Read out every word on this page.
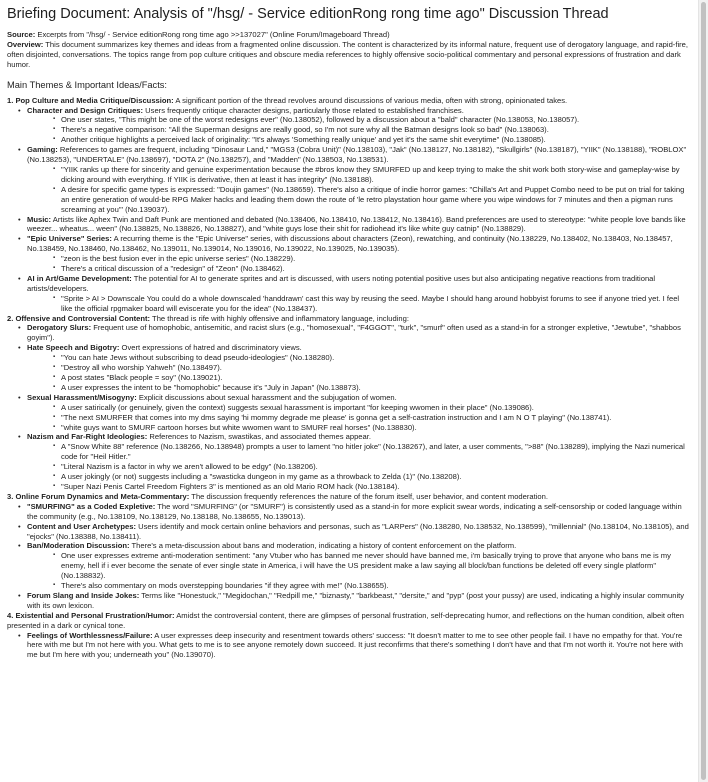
Briefing Document: Analysis of "/hsg/ - Service editionRong rong time ago" Discussion Thread

Source: Excerpts from "/hsg/ - Service editionRong rong time ago >>137027" (Online Forum/Imageboard Thread)

Overview: This document summarizes key themes and ideas from a fragmented online discussion. The content is characterized by its informal nature, frequent use of derogatory language, and rapid-fire, often disjointed, conversations. The topics range from pop culture critiques and obscure media references to highly offensive socio-political commentary and personal expressions of frustration and dark humor.

Main Themes & Important Ideas/Facts:
1. Pop Culture and Media Critique/Discussion: A significant portion of the thread revolves around discussions of various media, often with strong, opinionated takes.
• Character and Design Critiques: Users frequently critique character designs, particularly those related to established franchises.
▪ One user states, "This might be one of the worst redesigns ever" (No.138052), followed by a discussion about a "bald" character (No.138053, No.138057).
▪ There's a negative comparison: "All the Superman designs are really good, so I'm not sure why all the Batman designs look so bad" (No.138063).
▪ Another critique highlights a perceived lack of originality: "It's always 'Something really unique' and yet it's the same shit everytime" (No.138085).
• Gaming: References to games are frequent, including "Dinosaur Land," "MGS3 (Cobra Unit)" (No.138103), "Jak" (No.138127, No.138182), "Skullgirls" (No.138187), "YIIK" (No.138188), "ROBLOX" (No.138253), "UNDERTALE" (No.138697), "DOTA 2" (No.138257), and "Madden" (No.138503, No.138531).
▪ "YIIK ranks up there for sincerity and genuine experimentation because the #bros know they SMURFED up and keep trying to make the shit work both story-wise and gameplay-wise by dicking around with everything. If YIIK is derivative, then at least it has integrity" (No.138188).
▪ A desire for specific game types is expressed: "Doujin games" (No.138659). There's also a critique of indie horror games: "Chilla's Art and Puppet Combo need to be put on trial for taking an entire generation of would-be RPG Maker hacks and leading them down the route of 'le retro playstation hour game where you wipe windows for 7 minutes and then a pigman runs screaming at you'" (No.139037).
• Music: Artists like Aphex Twin and Daft Punk are mentioned and debated (No.138406, No.138410, No.138412, No.138416). Band preferences are used to stereotype: "white people love bands like weezer... wheatus... ween" (No.138825, No.138826, No.138827), and "white guys lose their shit for radiohead it's like white guy catnip" (No.138829).
• "Epic Universe" Series: A recurring theme is the "Epic Universe" series, with discussions about characters (Zeon), rewatching, and continuity (No.138229, No.138402, No.138403, No.138457, No.138459, No.138460, No.138462, No.139011, No.139014, No.139016, No.139022, No.139025, No.139035).
▪ "zeon is the best fusion ever in the epic universe series" (No.138229).
▪ There's a critical discussion of a "redesign" of "Zeon" (No.138462).
• AI in Art/Game Development: The potential for AI to generate sprites and art is discussed, with users noting potential positive uses but also anticipating negative reactions from traditional artists/developers.
▪ "Sprite > AI > Downscale You could do a whole downscaled 'handdrawn' cast this way by reusing the seed. Maybe I should hang around hobbyist forums to see if anyone tried yet. I feel like the official rpgmaker board will eviscerate you for the idea" (No.138437).
2. Offensive and Controversial Content: The thread is rife with highly offensive and inflammatory language, including:
• Derogatory Slurs: Frequent use of homophobic, antisemitic, and racist slurs (e.g., "homosexual", "F4GGOT", "turk", "smurf" often used as a stand-in for a stronger expletive, "Jewtube", "shabbos goyim").
• Hate Speech and Bigotry: Overt expressions of hatred and discriminatory views.
▪ "You can hate Jews without subscribing to dead pseudo-ideologies" (No.138280).
▪ "Destroy all who worship Yahweh" (No.138497).
▪ A post states "Black people = soy" (No.139021).
▪ A user expresses the intent to be "homophobic" because it's "July in Japan" (No.138873).
• Sexual Harassment/Misogyny: Explicit discussions about sexual harassment and the subjugation of women.
▪ A user satirically (or genuinely, given the context) suggests sexual harassment is important "for keeping wwomen in their place" (No.139086).
▪ "The next SMURFER that comes into my dms saying 'hi mommy degrade me please' is gonna get a self-castration instruction and I am N O T playing" (No.138741).
▪ "white guys want to SMURF cartoon horses but white wwomen want to SMURF real horses" (No.138830).
• Nazism and Far-Right Ideologies: References to Nazism, swastikas, and associated themes appear.
▪ A "Snow White 88" reference (No.138266, No.138948) prompts a user to lament "no hitler joke" (No.138267), and later, a user comments, ">88" (No.138289), implying the Nazi numerical code for "Heil Hitler."
▪ "Literal Nazism is a factor in why we aren't allowed to be edgy" (No.138206).
▪ A user jokingly (or not) suggests including a "swasticka dungeon in my game as a throwback to Zelda (1)" (No.138208).
▪ "Super Nazi Penis Cartel Freedom Fighters 3" is mentioned as an old Mario ROM hack (No.138184).
3. Online Forum Dynamics and Meta-Commentary: The discussion frequently references the nature of the forum itself, user behavior, and content moderation.
• "SMURFING" as a Coded Expletive: The word "SMURFING" (or "SMURF") is consistently used as a stand-in for more explicit swear words, indicating a self-censorship or coded language within the community (e.g., No.138109, No.138129, No.138188, No.138655, No.139013).
• Content and User Archetypes: Users identify and mock certain online behaviors and personas, such as "LARPers" (No.138280, No.138532, No.138599), "millennial" (No.138104, No.138105), and "ejocks" (No.138388, No.138411).
• Ban/Moderation Discussion: There's a meta-discussion about bans and moderation, indicating a history of content enforcement on the platform.
▪ One user expresses extreme anti-moderation sentiment: "any Vtuber who has banned me never should have banned me, i'm basically trying to prove that anyone who bans me is my enemy, hell if i ever become the senate of ever single state in America, i will have the US president make a law saying all block/ban functions be deleted off every single platform" (No.138832).
▪ There's also commentary on mods overstepping boundaries "if they agree with me!" (No.138655).
• Forum Slang and Inside Jokes: Terms like "Honestuck," "Megidochan," "Redpill me," "biznasty," "barkbeast," "dersite," and "pyp" (post your pussy) are used, indicating a highly insular community with its own lexicon.
4. Existential and Personal Frustration/Humor: Amidst the controversial content, there are glimpses of personal frustration, self-deprecating humor, and reflections on the human condition, albeit often presented in a dark or cynical tone.
• Feelings of Worthlessness/Failure: A user expresses deep insecurity and resentment towards others' success: "It doesn't matter to me to see other people fail. I have no empathy for that. You're here with me but I'm not here with you. What gets to me is to see anyone remotely down succeed. It just reconfirms that there's something I don't have and that I'm not worth it. You're not here with me but I'm here with you; underneath you" (No.139070).
